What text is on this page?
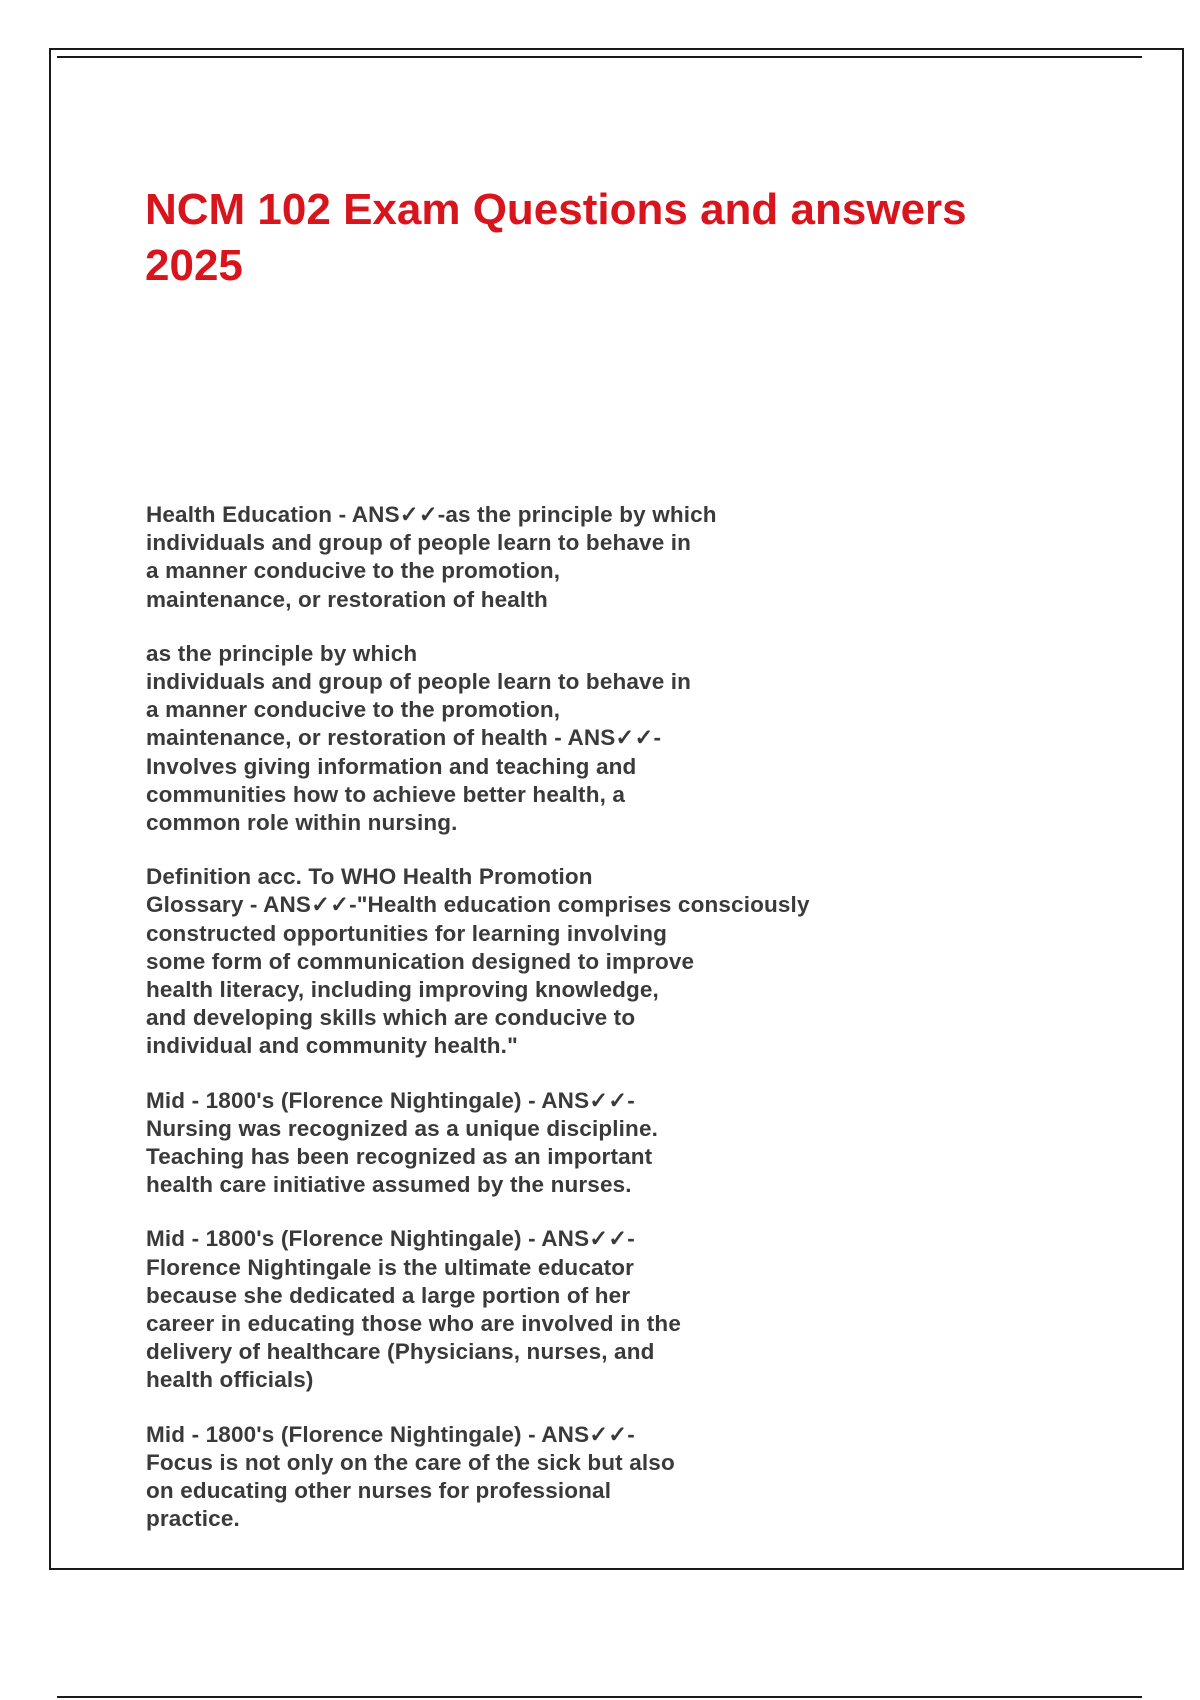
NCM 102 Exam Questions and answers 2025

Health Education - ANS✓✓-as the principle by which
individuals and group of people learn to behave in
a manner conducive to the promotion,
maintenance, or restoration of health

as the principle by which
individuals and group of people learn to behave in
a manner conducive to the promotion,
maintenance, or restoration of health - ANS✓✓-
Involves giving information and teaching and
communities how to achieve better health, a
common role within nursing.

Definition acc. To WHO Health Promotion
Glossary - ANS✓✓-"Health education comprises consciously
constructed opportunities for learning involving
some form of communication designed to improve
health literacy, including improving knowledge,
and developing skills which are conducive to
individual and community health."

Mid - 1800's (Florence Nightingale) - ANS✓✓-
Nursing was recognized as a unique discipline.
Teaching has been recognized as an important
health care initiative assumed by the nurses.

Mid - 1800's (Florence Nightingale) - ANS✓✓-
Florence Nightingale is the ultimate educator
because she dedicated a large portion of her
career in educating those who are involved in the
delivery of healthcare (Physicians, nurses, and
health officials)

Mid - 1800's (Florence Nightingale) - ANS✓✓-
Focus is not only on the care of the sick but also
on educating other nurses for professional
practice.
